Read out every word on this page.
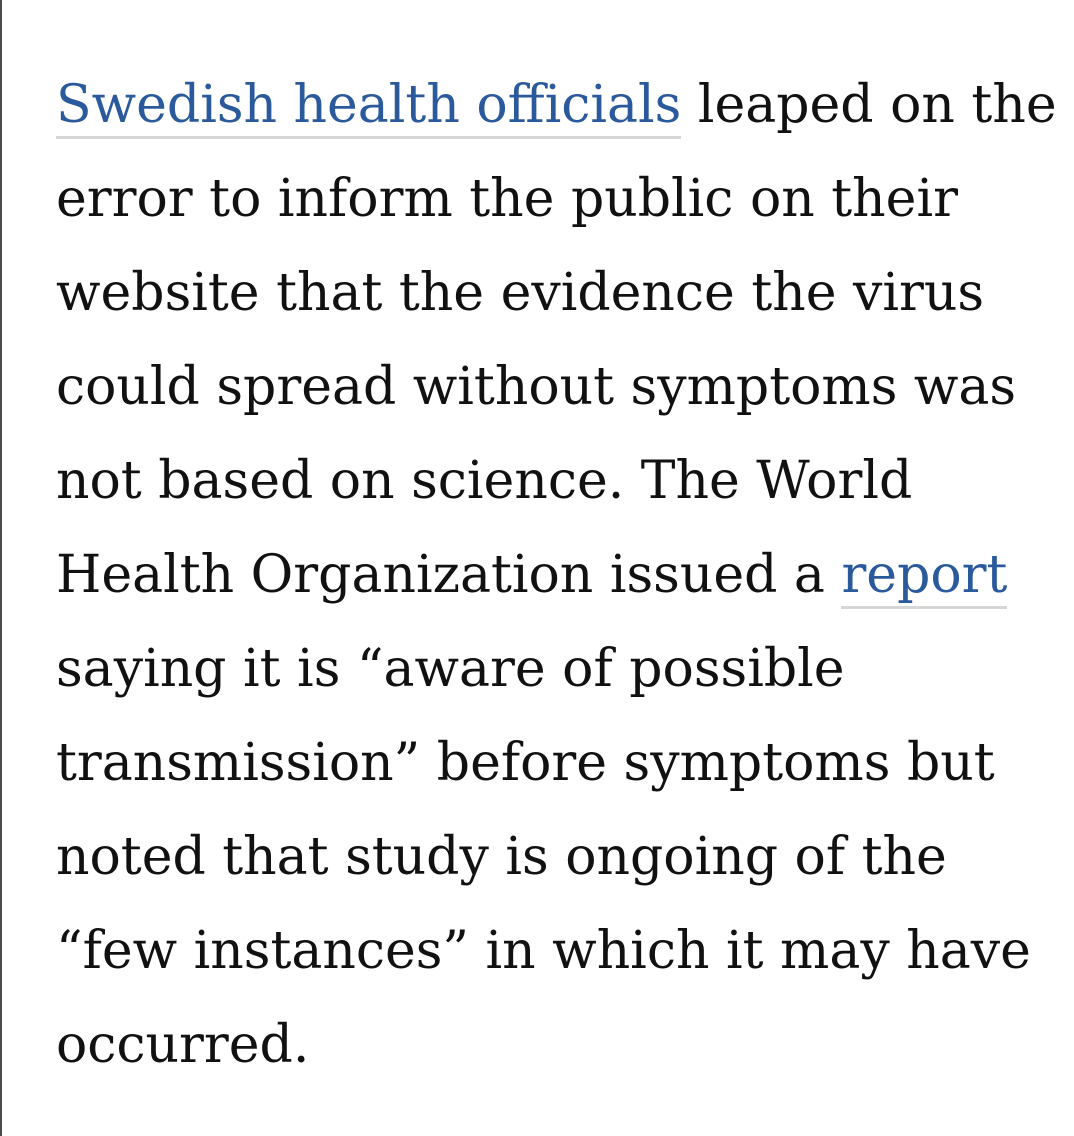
Swedish health officials leaped on the
error to inform the public on their
website that the evidence the virus
could spread without symptoms was
not based on science. The World
Health Organization issued a report
saying it is “aware of possible
transmission” before symptoms but
noted that study is ongoing of the
“few instances” in which it may have
occurred.
